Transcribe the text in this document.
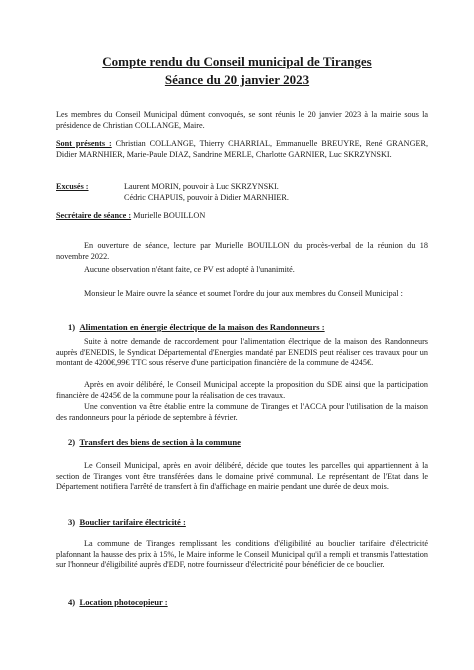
Compte rendu du Conseil municipal de Tiranges
Séance du 20 janvier 2023
Les membres du Conseil Municipal dûment convoqués, se sont réunis le 20 janvier 2023 à la mairie sous la présidence de Christian COLLANGE, Maire.
Sont présents : Christian COLLANGE, Thierry CHARRIAL, Emmanuelle BREUYRE, René GRANGER, Didier MARNHIER, Marie-Paule DIAZ, Sandrine MERLE, Charlotte GARNIER, Luc SKRZYNSKI.
Excusés :	Laurent MORIN, pouvoir à Luc SKRZYNSKI.
Cédric CHAPUIS, pouvoir à Didier MARNHIER.
Secrétaire de séance : Murielle BOUILLON
En ouverture de séance, lecture par Murielle BOUILLON du procès-verbal de la réunion du 18 novembre 2022.
Aucune observation n'étant faite, ce PV est adopté à l'unanimité.
Monsieur le Maire ouvre la séance et soumet l'ordre du jour aux membres du Conseil Municipal :
1) Alimentation en énergie électrique de la maison des Randonneurs :
Suite à notre demande de raccordement pour l'alimentation électrique de la maison des Randonneurs auprès d'ENEDIS, le Syndicat Départemental d'Energies mandaté par ENEDIS peut réaliser ces travaux pour un montant de 4200€,99€ TTC sous réserve d'une participation financière de la commune de 4245€.
Après en avoir délibéré, le Conseil Municipal accepte la proposition du SDE ainsi que la participation financière de 4245€ de la commune pour la réalisation de ces travaux.
Une convention va être établie entre la commune de Tiranges et l'ACCA pour l'utilisation de la maison des randonneurs pour la période de septembre à février.
2) Transfert des biens de section à la commune
Le Conseil Municipal, après en avoir délibéré, décide que toutes les parcelles qui appartiennent à la section de Tiranges vont être transférées dans le domaine privé communal. Le représentant de l'Etat dans le Département notifiera l'arrêté de transfert à fin d'affichage en mairie pendant une durée de deux mois.
3) Bouclier tarifaire électricité :
La commune de Tiranges remplissant les conditions d'éligibilité au bouclier tarifaire d'électricité plafonnant la hausse des prix à 15%, le Maire informe le Conseil Municipal qu'il a rempli et transmis l'attestation sur l'honneur d'éligibilité auprès d'EDF, notre fournisseur d'électricité pour bénéficier de ce bouclier.
4) Location photocopieur :
